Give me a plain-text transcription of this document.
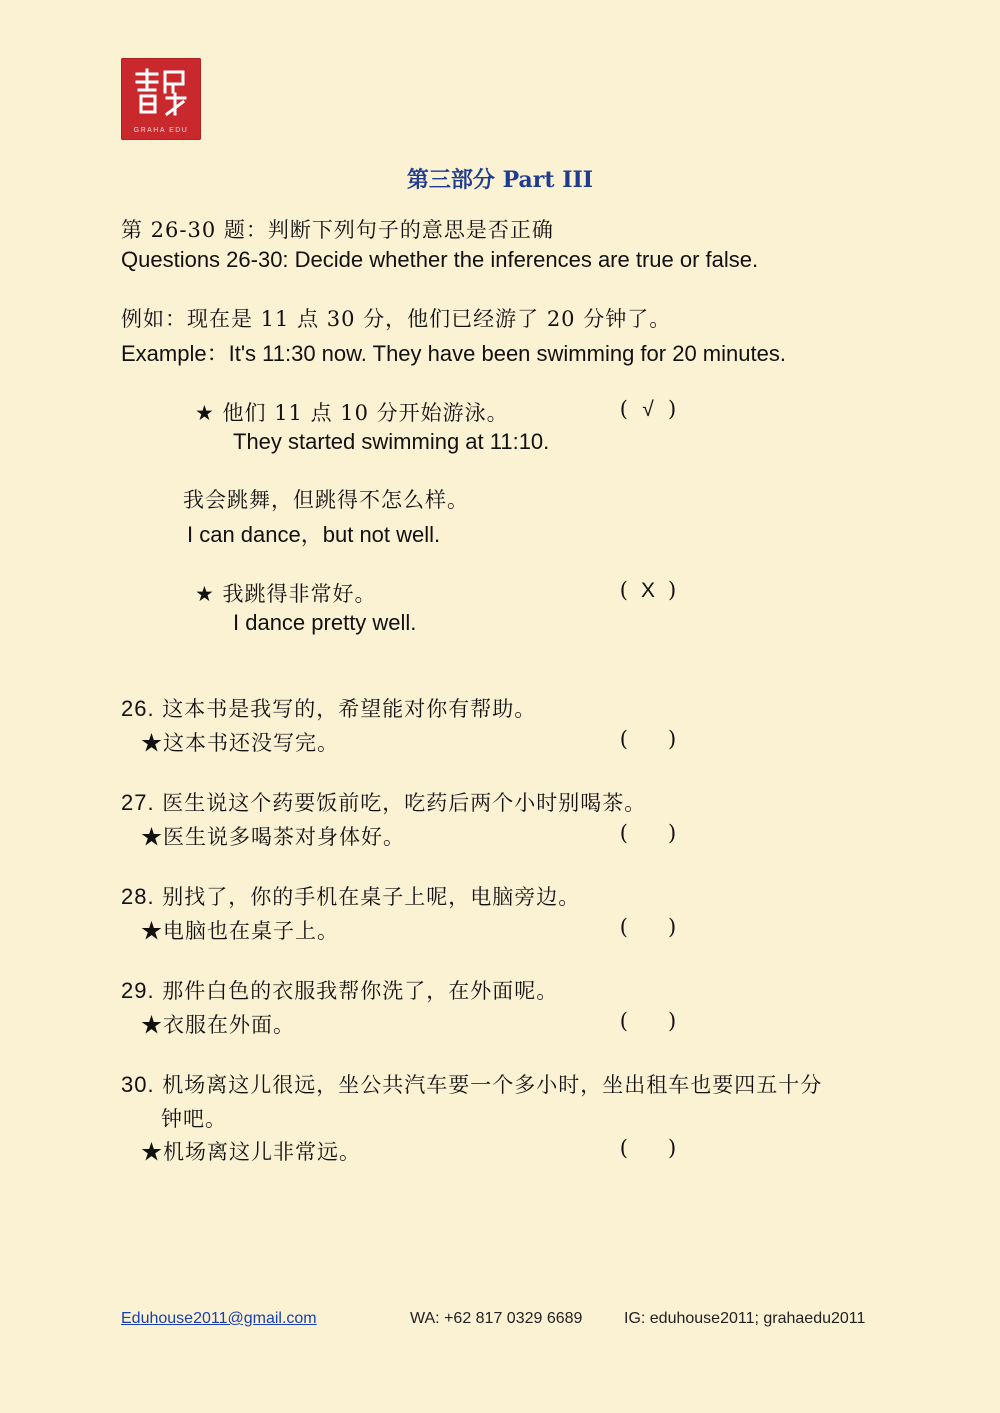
GRAHA EDU
第三部分 Part III
第 26-30 题：判断下列句子的意思是否正确
Questions 26-30: Decide whether the inferences are true or false.
例如：现在是 11 点 30 分，他们已经游了 20 分钟了。
Example：It's 11:30 now. They have been swimming for 20 minutes.
★ 他们 11 点 10 分开始游泳。	( √ )
They started swimming at 11:10.
我会跳舞，但跳得不怎么样。
I can dance，but not well.
★ 我跳得非常好。	( X )
I dance pretty well.
26. 这本书是我写的，希望能对你有帮助。
★这本书还没写完。	( )
27. 医生说这个药要饭前吃，吃药后两个小时别喝茶。
★医生说多喝茶对身体好。	( )
28. 别找了，你的手机在桌子上呢，电脑旁边。
★电脑也在桌子上。	( )
29. 那件白色的衣服我帮你洗了，在外面呢。
★衣服在外面。	( )
30. 机场离这儿很远，坐公共汽车要一个多小时，坐出租车也要四五十分
钟吧。
★机场离这儿非常远。	( )
Eduhouse2011@gmail.com	WA: +62 817 0329 6689	IG: eduhouse2011; grahaedu2011
